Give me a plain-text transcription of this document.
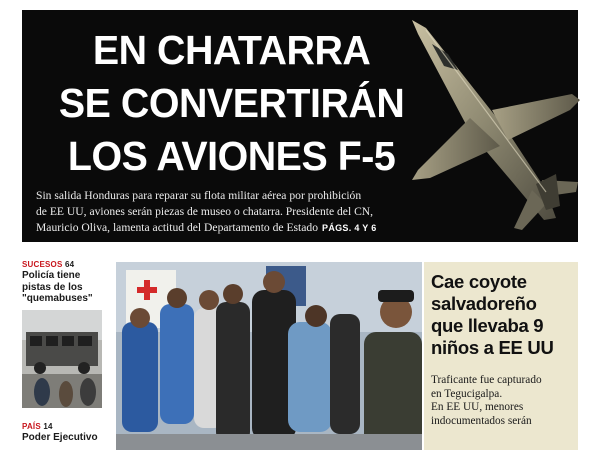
EN CHATARRA
SE CONVERTIRÁN
LOS AVIONES F-5
Sin salida Honduras para reparar su flota militar aérea por prohibición
de EE UU, aviones serán piezas de museo o chatarra. Presidente del CN,
Mauricio Oliva, lamenta actitud del Departamento de Estado PÁGS. 4 Y 6
SUCESOS 64
Policía tiene
pistas de los
"quemabuses"
PAÍS 14
Poder Ejecutivo
Cae coyote
salvadoreño
que llevaba 9
niños a EE UU
Traficante fue capturado
en Tegucigalpa.
En EE UU, menores
indocumentados serán
